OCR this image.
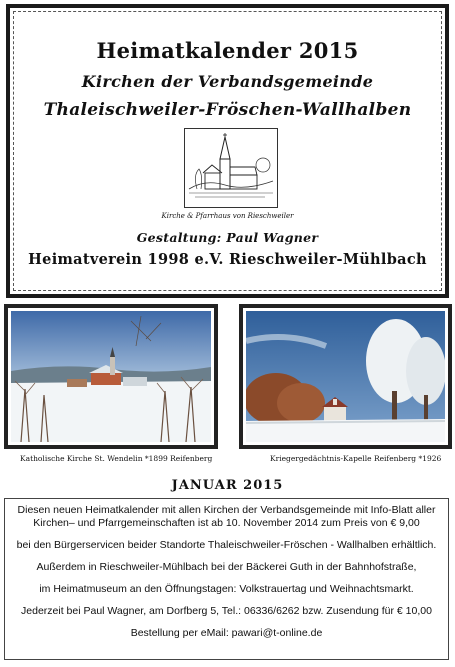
Heimatkalender 2015
Kirchen der Verbandsgemeinde
Thaleischweiler-Fröschen-Wallhalben
Kirche & Pfarrhaus von Rieschweiler
Gestaltung: Paul Wagner
Heimatverein 1998 e.V. Rieschweiler-Mühlbach
Katholische Kirche St. Wendelin *1899 Reifenberg	Kriegergedächtnis-Kapelle Reifenberg *1926
JANUAR 2015

Diesen neuen Heimatkalender mit allen Kirchen der Verbandsgemeinde mit Info-Blatt aller

Kirchen– und Pfarrgemeinschaften ist ab 10. November 2014 zum Preis von € 9,00

bei den Bürgerservicen beider Standorte Thaleischweiler-Fröschen - Wallhalben erhältlich.

Außerdem in Rieschweiler-Mühlbach bei der Bäckerei Guth in der Bahnhofstraße,

im Heimatmuseum an den Öffnungstagen: Volkstrauertag und Weihnachtsmarkt.

Jederzeit bei Paul Wagner, am Dorfberg 5, Tel.: 06336/6262 bzw. Zusendung für € 10,00

Bestellung per eMail: pawari@t-online.de
